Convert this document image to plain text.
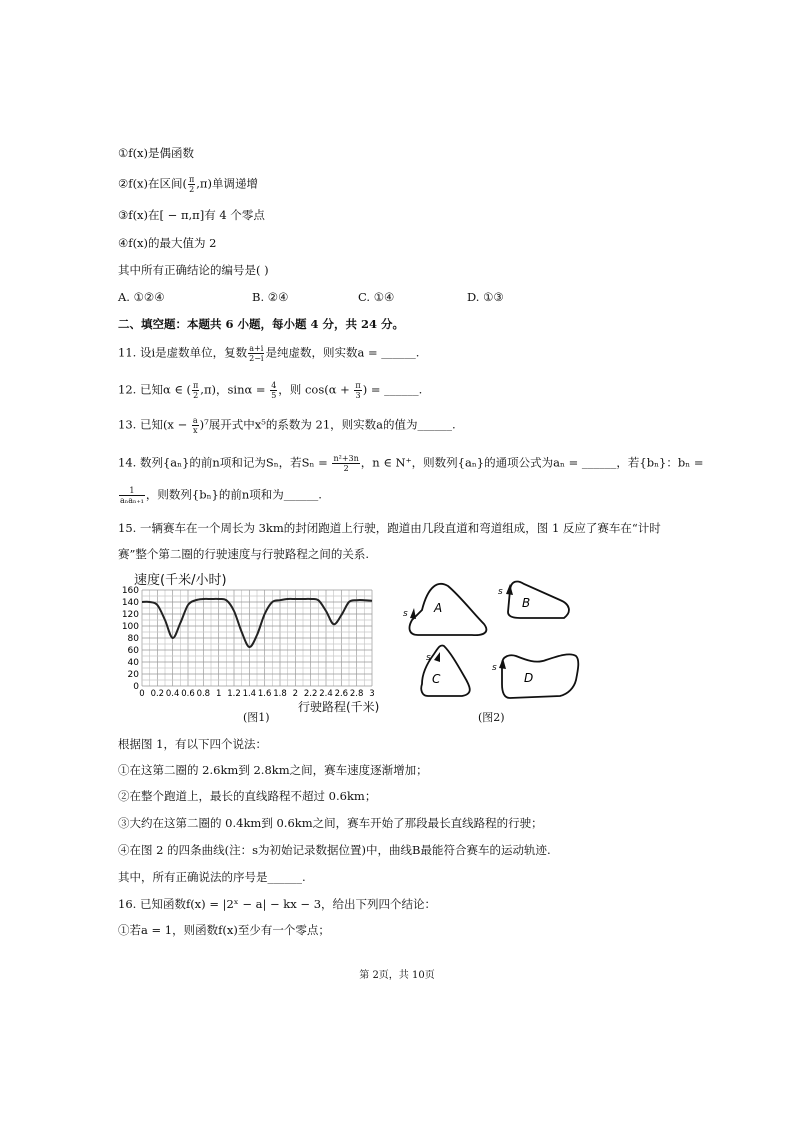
①f(x)是偶函数
②f(x)在区间( $\frac{\pi}{2} ,\pi$)单调递增
③f(x)在[ − π,π]有 4 个零点
④f(x)的最大值为 2
其中所有正确结论的编号是( )
A. ①②④	B. ②④	C. ①④	D. ①③
二、填空题：本题共 6 小题，每小题 4 分，共 24 分。
11. 设i是虚数单位，复数 $\frac{a+i}{2-i}$ 是纯虚数，则实数a = ______.
12. 已知α ∈ ( $\frac{\pi}{2} ,\pi$)，$\sin\alpha = \frac{4}{5}$ ，则 $\cos(\alpha + \frac{\pi}{3}$ ) = ______.
13. 已知$(x - \frac{a}{x} )^7$展开式中x⁵的系数为 21，则实数a的值为______.
14. 数列{aₙ}的前n项和记为Sₙ，若$S_n = \frac{\text{n²+3n}}{2}$ ，n ∈ N⁺，则数列{aₙ}的通项公式为aₙ = ______，若{bₙ}：bₙ =
$\frac{1}{\text{aₙaₙ₊₁}}$ ，则数列{bₙ}的前n项和为______.
15. 一辆赛车在一个周长为 3km的封闭跑道上行驶，跑道由几段直道和弯道组成，图 1 反应了赛车在“计时
赛”整个第二圈的行驶速度与行驶路程之间的关系.
速度(千米/小时)
0
20
40
60
80
100
120
140
160
0 0.2 0.4 0.6 0.8 1 1.2 1.4 1.6 1.8 2 2.2 2.4 2.6 2.8 3
行驶路程(千米)
(图1)
A
s
B
s
C
s
D
s
(图2)
根据图 1，有以下四个说法：
①在这第二圈的 2.6km到 2.8km之间，赛车速度逐渐增加；
②在整个跑道上，最长的直线路程不超过 0.6km；
③大约在这第二圈的 0.4km到 0.6km之间，赛车开始了那段最长直线路程的行驶；
④在图 2 的四条曲线(注：s为初始记录数据位置)中，曲线B最能符合赛车的运动轨迹.
其中，所有正确说法的序号是______.
16. 已知函数f(x) = |2ˣ − a| − kx − 3，给出下列四个结论：
①若a = 1，则函数f(x)至少有一个零点；
第 2页，共 10页
